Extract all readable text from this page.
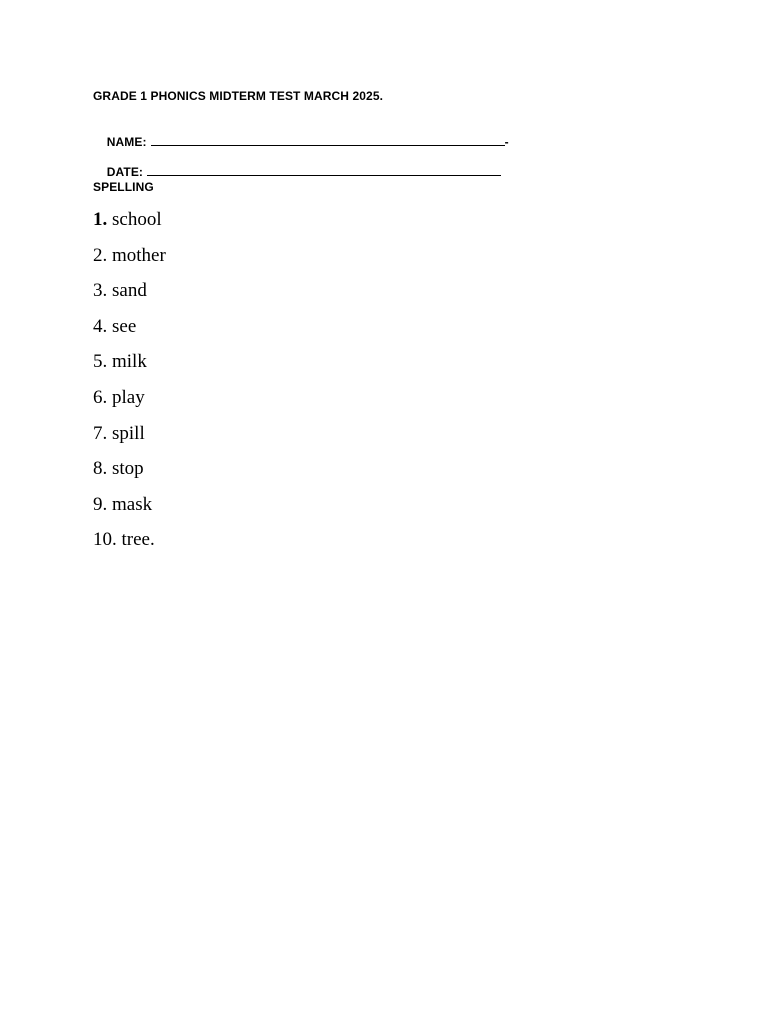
GRADE 1 PHONICS MIDTERM TEST MARCH 2025.

NAME:	-

DATE:

SPELLING
1. school
2. mother
3. sand
4. see
5. milk
6. play
7. spill
8. stop
9. mask
10. tree.
